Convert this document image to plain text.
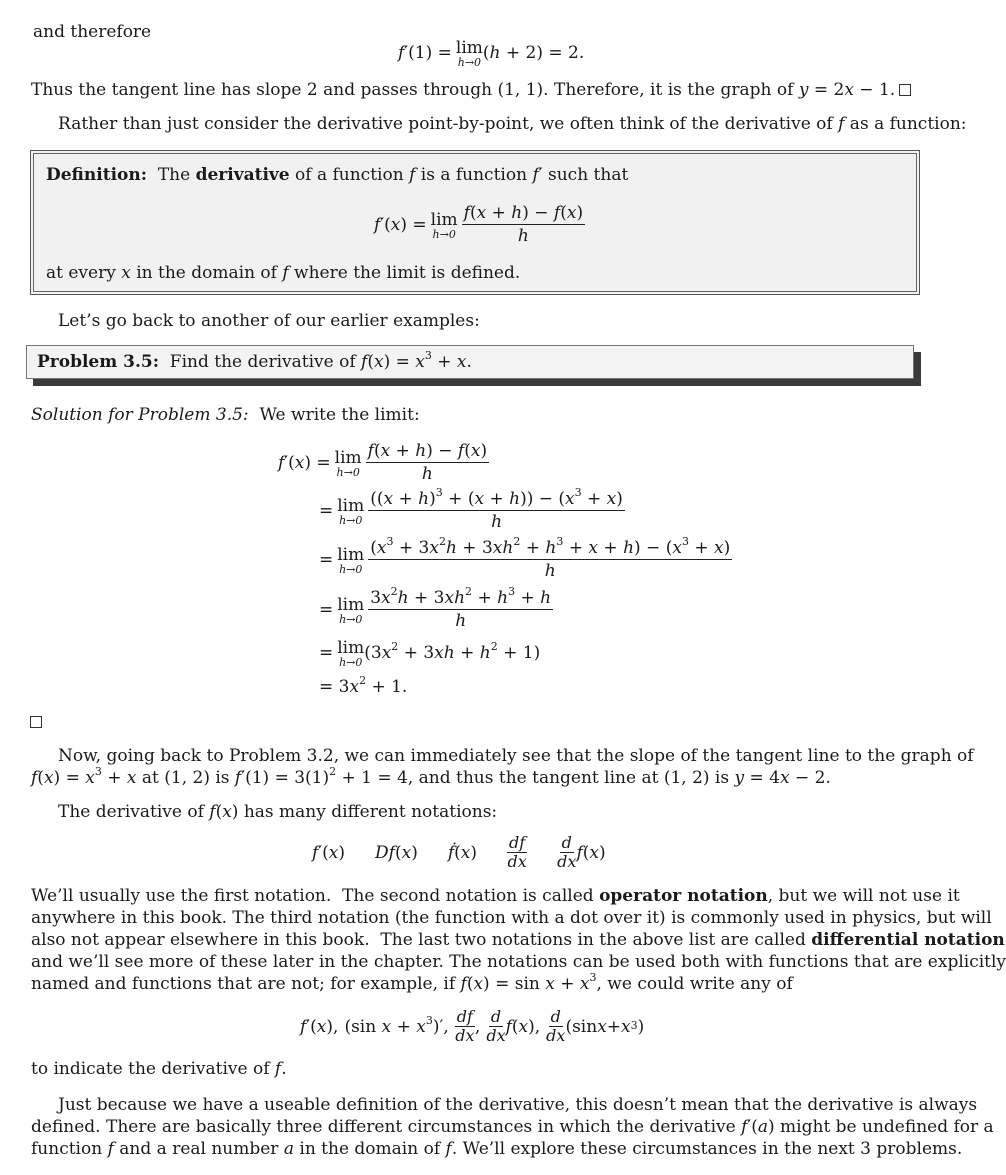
and therefore
f′(1) = lim
h→0 (h + 2) = 2.
Thus the tangent line has slope 2 and passes through (1, 1). Therefore, it is the graph of y = 2x − 1.
Rather than just consider the derivative point-by-point, we often think of the derivative of f as a function:
Definition:  The derivative of a function f is a function f′ such that
f′(x) = lim
$h\to 0 \frac{f(x + h) - f(x)}{h}$
at every x in the domain of f where the limit is defined.
Let’s go back to another of our earlier examples:
Problem 3.5:  Find the derivative of $f(x) = x^3 + x$.
Solution for Problem 3.5: We write the limit:
f′(x) = lim
$h\to 0 \frac{f(x + h) - f(x)}{h}$
= lim
$h\to 0 \frac{((x + h)^3 + (x + h)) - (x^3 + x)}{h}$
= lim
$h\to 0 \frac{(x^3 + 3x^2h + 3xh^2 + h^3 + x + h) - (x^3 + x)}{h}$
= lim
$h\to 0 \frac{3x^2h + 3xh^2 + h^3 + h}{h}$
= lim
h→0 $(3x^2 + 3xh + h^2 + 1)$
= $3x^2 + 1$.
Now, going back to Problem 3.2, we can immediately see that the slope of the tangent line to the graph of
$f(x) = x^3 + x$ at (1, 2) is $f'(1) = 3(1)^2 + 1 = 4$, and thus the tangent line at (1, 2) is y = 4x − 2.
The derivative of f(x) has many different notations:
f′(x) Df(x) ḟ(x) $\frac{df}{dx} \frac{d}{dx}$ f ( x )
We’ll usually use the first notation.  The second notation is called operator notation, but we will not use it
anywhere in this book. The third notation (the function with a dot over it) is commonly used in physics, but will
also not appear elsewhere in this book.  The last two notations in the above list are called differential notation
and we’ll see more of these later in the chapter. The notations can be used both with functions that are explicitly
named and functions that are not; for example, if $f(x) = \sin x + x^3$, we could write any of
f′(x), (sin $x + x^3)'$, $\frac{df}{dx}$ , $\frac{d}{dx}$ f ( x ), $\frac{d}{dx} (\sin$ $x + x^3$ )
to indicate the derivative of f.
Just because we have a useable definition of the derivative, this doesn’t mean that the derivative is always
defined. There are basically three different circumstances in which the derivative f′(a) might be undefined for a
function f and a real number a in the domain of f. We’ll explore these circumstances in the next 3 problems.
